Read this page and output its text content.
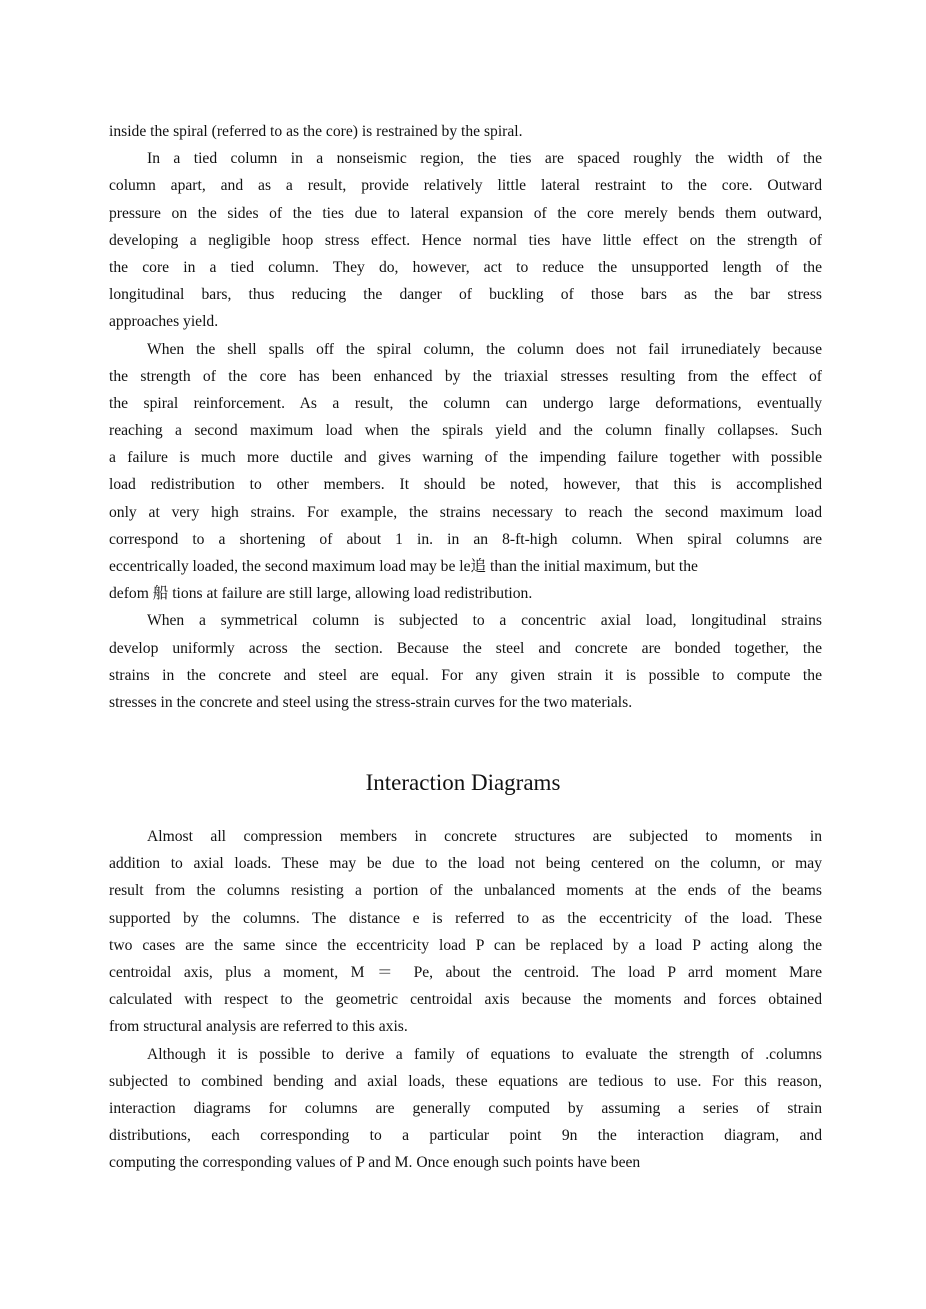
inside the spiral (referred to as the core) is restrained by the spiral.
In a tied column in a nonseismic region, the ties are spaced roughly the width of the
column apart, and as a result, provide relatively little lateral restraint to the core. Outward
pressure on the sides of the ties due to lateral expansion of the core merely bends them outward,
developing a negligible hoop stress effect. Hence normal ties have little effect on the strength of
the core in a tied column. They do, however, act to reduce the unsupported length of the
longitudinal bars, thus reducing the danger of buckling of those bars as the bar stress
approaches yield.
When the shell spalls off the spiral column, the column does not fail irrunediately because
the strength of the core has been enhanced by the triaxial stresses resulting from the effect of
the spiral reinforcement. As a result, the column can undergo large deformations, eventually
reaching a second maximum load when the spirals yield and the column finally collapses. Such
a failure is much more ductile and gives warning of the impending failure together with possible
load redistribution to other members. It should be noted, however, that this is accomplished
only at very high strains. For example, the strains necessary to reach the second maximum load
correspond to a shortening of about 1 in. in an 8-ft-high column. When spiral columns are
eccentrically loaded, the second maximum load may be le追 than the initial maximum, but the
defom 船 tions at failure are still large, allowing load redistribution.
When a symmetrical column is subjected to a concentric axial load, longitudinal strains
develop uniformly across the section. Because the steel and concrete are bonded together, the
strains in the concrete and steel are equal. For any given strain it is possible to compute the
stresses in the concrete and steel using the stress-strain curves for the two materials.
Interaction Diagrams
Almost all compression members in concrete structures are subjected to moments in
addition to axial loads. These may be due to the load not being centered on the column, or may
result from the columns resisting a portion of the unbalanced moments at the ends of the beams
supported by the columns. The distance e is referred to as the eccentricity of the load. These
two cases are the same since the eccentricity load P can be replaced by a load P acting along the
centroidal axis, plus a moment, M ＝ Pe, about the centroid. The load P arrd moment Mare
calculated with respect to the geometric centroidal axis because the moments and forces obtained
from structural analysis are referred to this axis.
Although it is possible to derive a family of equations to evaluate the strength of .columns
subjected to combined bending and axial loads, these equations are tedious to use. For this reason,
interaction diagrams for columns are generally computed by assuming a series of strain
distributions, each corresponding to a particular point 9n the interaction diagram, and
computing the corresponding values of P and M. Once enough such points have been
